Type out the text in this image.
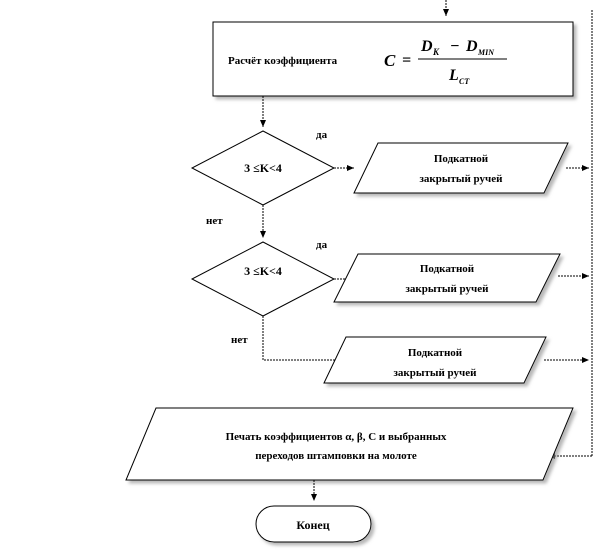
Расчёт коэффициента	C =
D K − D MIN
L CT
3 ≤K<4
да
Подкатной
закрытый ручей
нет
3 ≤K<4
да
Подкатной
закрытый ручей
нет
Подкатной
закрытый ручей
Печать коэффициентов α, β, С и выбранных
переходов штамповки на молоте
Конец
